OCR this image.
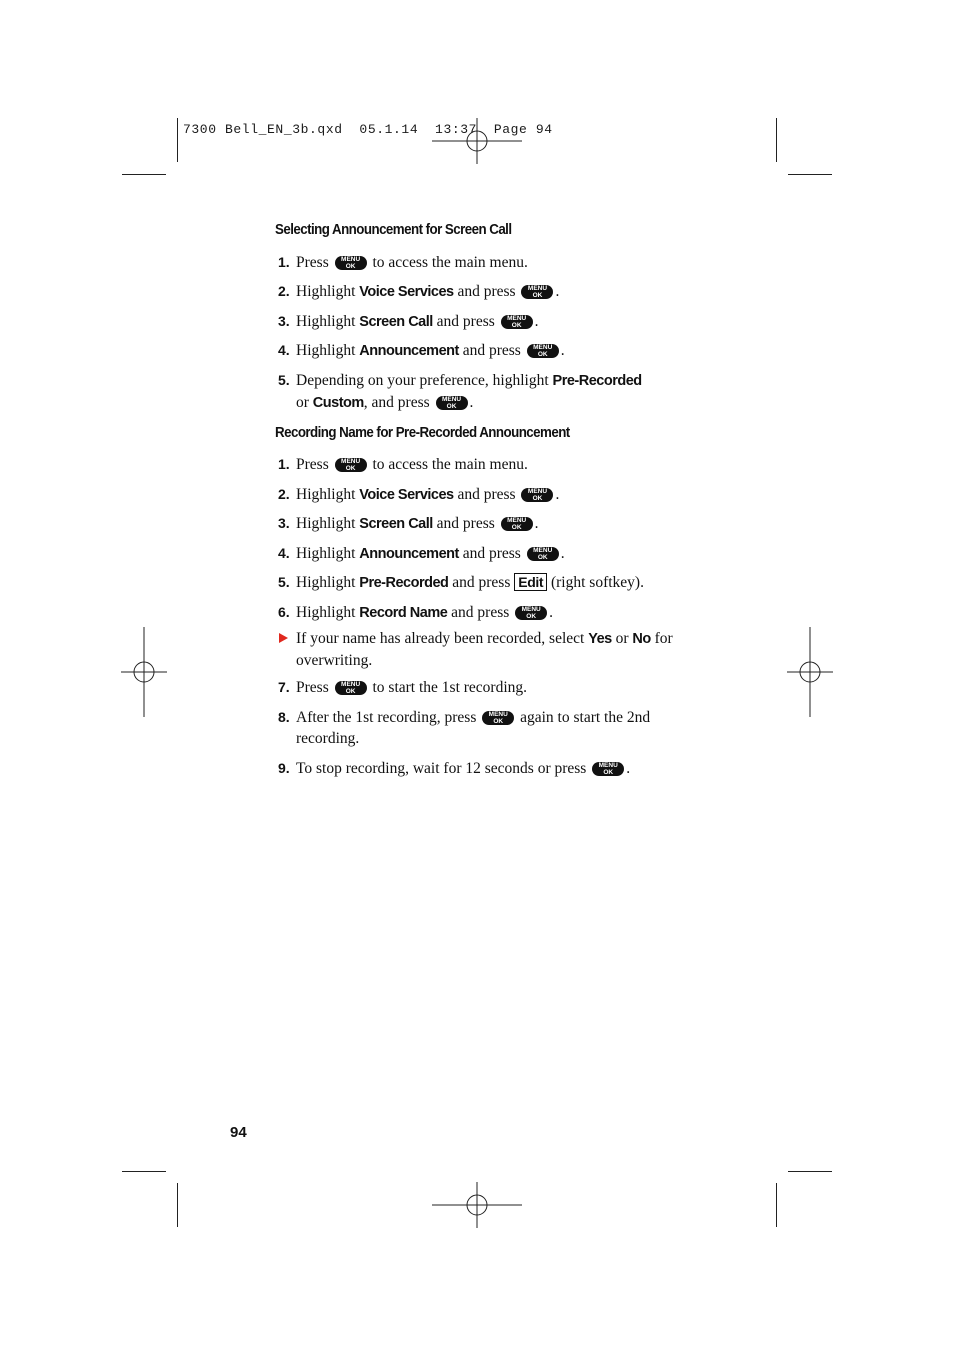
7300 Bell_EN_3b.qxd  05.1.14  13:37  Page 94
Selecting Announcement for Screen Call
1. Press	MENU
OK	to access the main menu.
2. Highlight Voice Services and press	MENU
OK .
3. Highlight Screen Call and press	MENU
OK .
4. Highlight Announcement and press	MENU
OK .
5. Depending on your preference, highlight Pre-Recorded
or Custom, and press	MENU
OK .
Recording Name for Pre-Recorded Announcement
1. Press	MENU
OK	to access the main menu.
2. Highlight Voice Services and press	MENU
OK .
3. Highlight Screen Call and press	MENU
OK .
4. Highlight Announcement and press	MENU
OK .
5. Highlight Pre-Recorded and press Edit (right softkey).
6. Highlight Record Name and press	MENU
OK .
If your name has already been recorded, select Yes or No for overwriting.
7. Press	MENU
OK	to start the 1st recording.
8. After the 1st recording, press	MENU
OK	again to start the 2nd recording.
9. To stop recording, wait for 12 seconds or press	MENU
OK .
94
